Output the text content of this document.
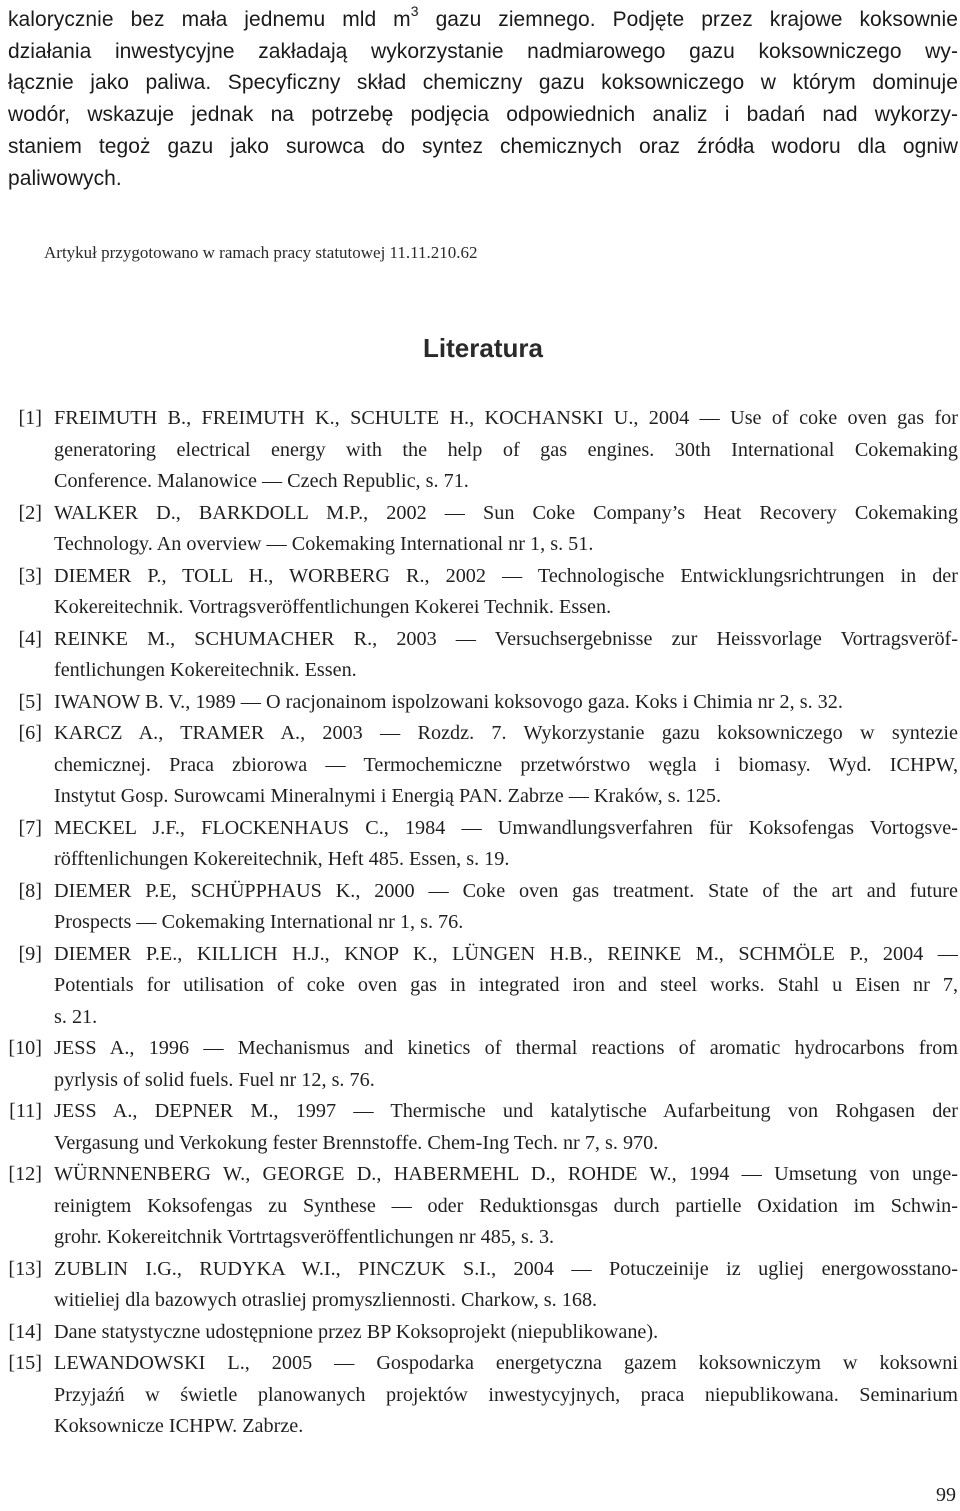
kalorycznie bez mała jednemu mld $m^3$ gazu ziemnego. Podjęte przez krajowe koksownie
działania inwestycyjne zakładają wykorzystanie nadmiarowego gazu koksowniczego wy-
łącznie jako paliwa. Specyficzny skład chemiczny gazu koksowniczego w którym dominuje
wodór, wskazuje jednak na potrzebę podjęcia odpowiednich analiz i badań nad wykorzy-
staniem tegoż gazu jako surowca do syntez chemicznych oraz źródła wodoru dla ogniw
paliwowych.

Artykuł przygotowano w ramach pracy statutowej 11.11.210.62

Literatura
[1] FREIMUTH B., FREIMUTH K., SCHULTE H., KOCHANSKI U., 2004 — Use of coke oven gas for
generatoring electrical energy with the help of gas engines. 30th International Cokemaking
Conference. Malanowice — Czech Republic, s. 71.
[2] WALKER D., BARKDOLL M.P., 2002 — Sun Coke Company’s Heat Recovery Cokemaking
Technology. An overview — Cokemaking International nr 1, s. 51.
[3] DIEMER P., TOLL H., WORBERG R., 2002 — Technologische Entwicklungsrichtrungen in der
Kokereitechnik. Vortragsveröffentlichungen Kokerei Technik. Essen.
[4] REINKE M., SCHUMACHER R., 2003 — Versuchsergebnisse zur Heissvorlage Vortragsveröf-
fentlichungen Kokereitechnik. Essen.
[5] IWANOW B. V., 1989 — O racjonainom ispolzowani koksovogo gaza. Koks i Chimia nr 2, s. 32.
[6] KARCZ A., TRAMER A., 2003 — Rozdz. 7. Wykorzystanie gazu koksowniczego w syntezie
chemicznej. Praca zbiorowa — Termochemiczne przetwórstwo węgla i biomasy. Wyd. ICHPW,
Instytut Gosp. Surowcami Mineralnymi i Energią PAN. Zabrze — Kraków, s. 125.
[7] MECKEL J.F., FLOCKENHAUS C., 1984 — Umwandlungsverfahren für Koksofengas Vortogsve-
röfftenlichungen Kokereitechnik, Heft 485. Essen, s. 19.
[8] DIEMER P.E, SCHÜPPHAUS K., 2000 — Coke oven gas treatment. State of the art and future
Prospects — Cokemaking International nr 1, s. 76.
[9] DIEMER P.E., KILLICH H.J., KNOP K., LÜNGEN H.B., REINKE M., SCHMÖLE P., 2004 —
Potentials for utilisation of coke oven gas in integrated iron and steel works. Stahl u Eisen nr 7,
s. 21.
[10] JESS A., 1996 — Mechanismus and kinetics of thermal reactions of aromatic hydrocarbons from
pyrlysis of solid fuels. Fuel nr 12, s. 76.
[11] JESS A., DEPNER M., 1997 — Thermische und katalytische Aufarbeitung von Rohgasen der
Vergasung und Verkokung fester Brennstoffe. Chem-Ing Tech. nr 7, s. 970.
[12] WÜRNNENBERG W., GEORGE D., HABERMEHL D., ROHDE W., 1994 — Umsetung von unge-
reinigtem Koksofengas zu Synthese — oder Reduktionsgas durch partielle Oxidation im Schwin-
grohr. Kokereitchnik Vortrtagsveröffentlichungen nr 485, s. 3.
[13] ZUBLIN I.G., RUDYKA W.I., PINCZUK S.I., 2004 — Potuczeinije iz ugliej energowosstano-
witieliej dla bazowych otrasliej promyszliennosti. Charkow, s. 168.
[14] Dane statystyczne udostępnione przez BP Koksoprojekt (niepublikowane).
[15] LEWANDOWSKI L., 2005 — Gospodarka energetyczna gazem koksowniczym w koksowni
Przyjaźń w świetle planowanych projektów inwestycyjnych, praca niepublikowana. Seminarium
Koksownicze ICHPW. Zabrze.

99
